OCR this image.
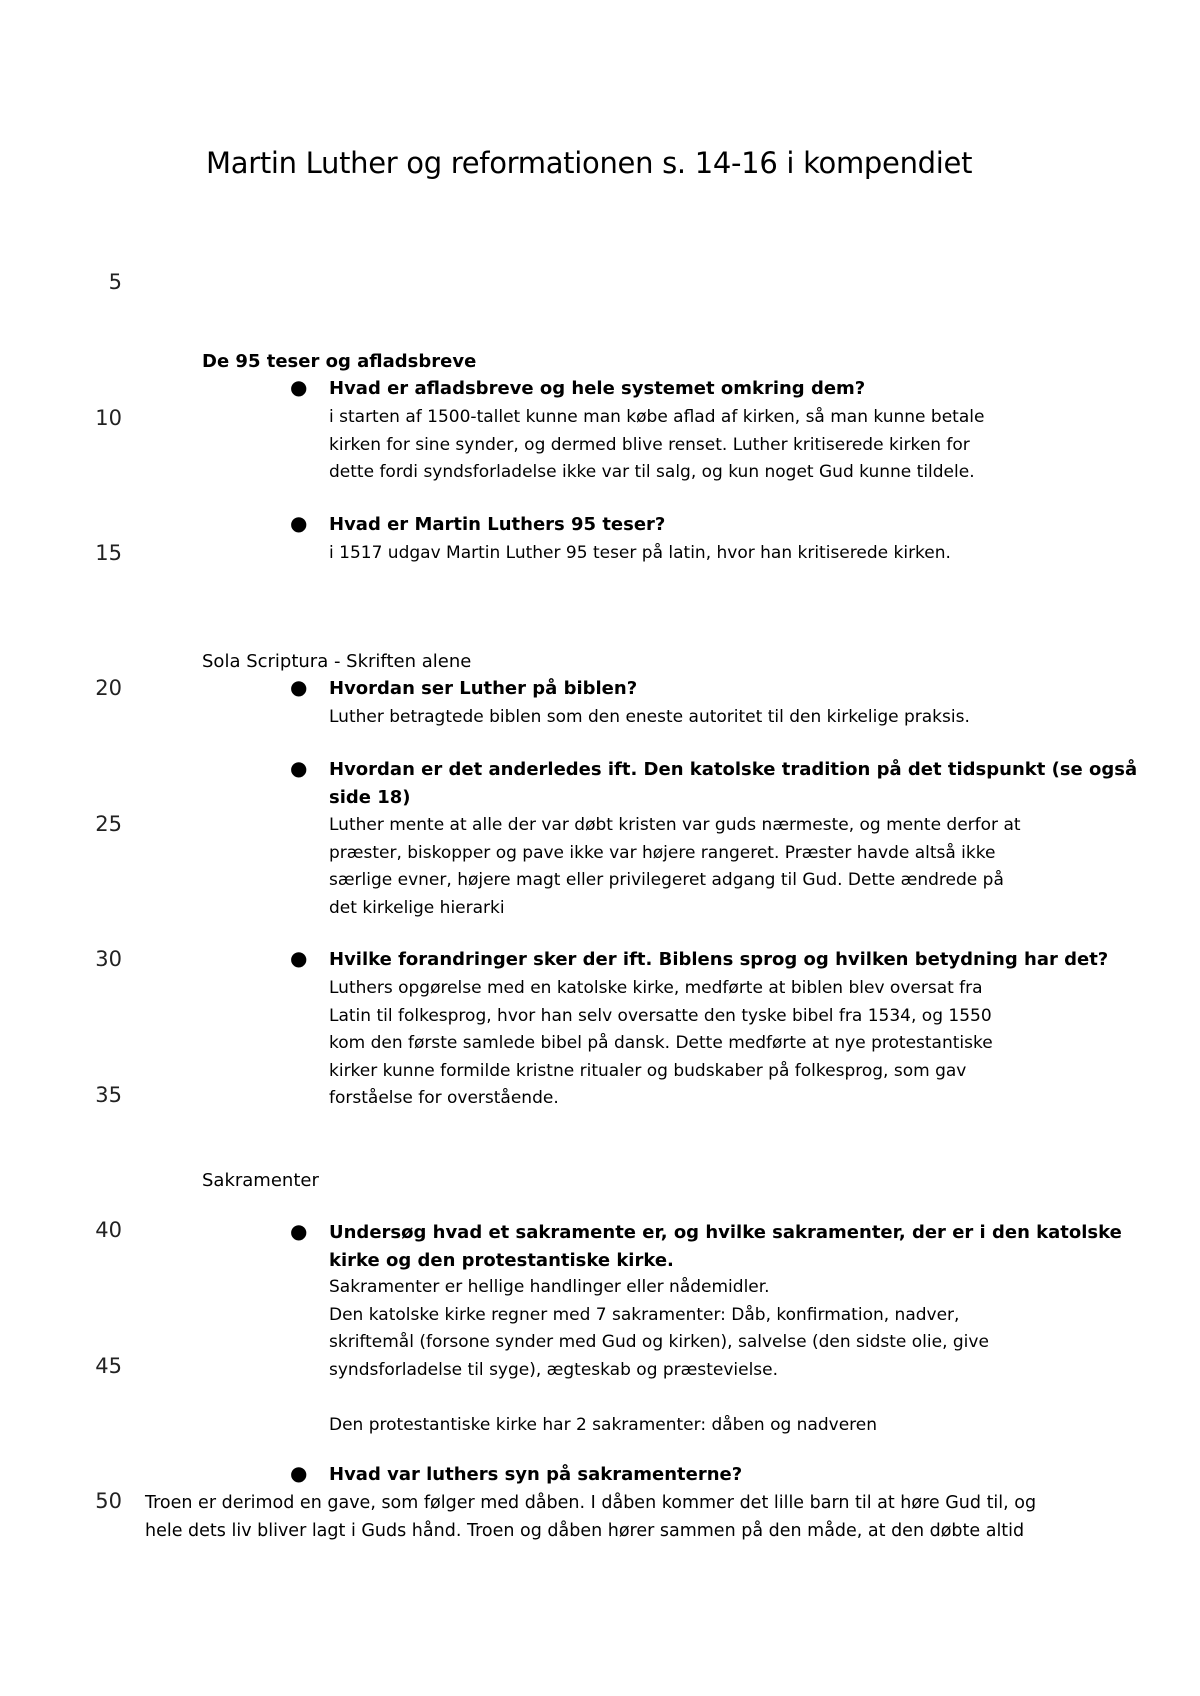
Martin Luther og reformationen s. 14-16 i kompendiet
5
10
15
20
25
30
35
40
45
50
De 95 teser og afladsbreve
● Hvad er afladsbreve og hele systemet omkring dem?
i starten af 1500-tallet kunne man købe aflad af kirken, så man kunne betale
kirken for sine synder, og dermed blive renset. Luther kritiserede kirken for
dette fordi syndsforladelse ikke var til salg, og kun noget Gud kunne tildele.
● Hvad er Martin Luthers 95 teser?
i 1517 udgav Martin Luther 95 teser på latin, hvor han kritiserede kirken.
Sola Scriptura - Skriften alene
● Hvordan ser Luther på biblen?
Luther betragtede biblen som den eneste autoritet til den kirkelige praksis.
● Hvordan er det anderledes ift. Den katolske tradition på det tidspunkt (se også
side 18)
Luther mente at alle der var døbt kristen var guds nærmeste, og mente derfor at
præster, biskopper og pave ikke var højere rangeret. Præster havde altså ikke
særlige evner, højere magt eller privilegeret adgang til Gud. Dette ændrede på
det kirkelige hierarki
● Hvilke forandringer sker der ift. Biblens sprog og hvilken betydning har det?
Luthers opgørelse med en katolske kirke, medførte at biblen blev oversat fra
Latin til folkesprog, hvor han selv oversatte den tyske bibel fra 1534, og 1550
kom den første samlede bibel på dansk. Dette medførte at nye protestantiske
kirker kunne formilde kristne ritualer og budskaber på folkesprog, som gav
forståelse for overstående.
Sakramenter
● Undersøg hvad et sakramente er, og hvilke sakramenter, der er i den katolske
kirke og den protestantiske kirke.
Sakramenter er hellige handlinger eller nådemidler.
Den katolske kirke regner med 7 sakramenter: Dåb, konfirmation, nadver,
skriftemål (forsone synder med Gud og kirken), salvelse (den sidste olie, give
syndsforladelse til syge), ægteskab og præstevielse.
Den protestantiske kirke har 2 sakramenter: dåben og nadveren
● Hvad var luthers syn på sakramenterne?
Troen er derimod en gave, som følger med dåben. I dåben kommer det lille barn til at høre Gud til, og
hele dets liv bliver lagt i Guds hånd. Troen og dåben hører sammen på den måde, at den døbte altid
